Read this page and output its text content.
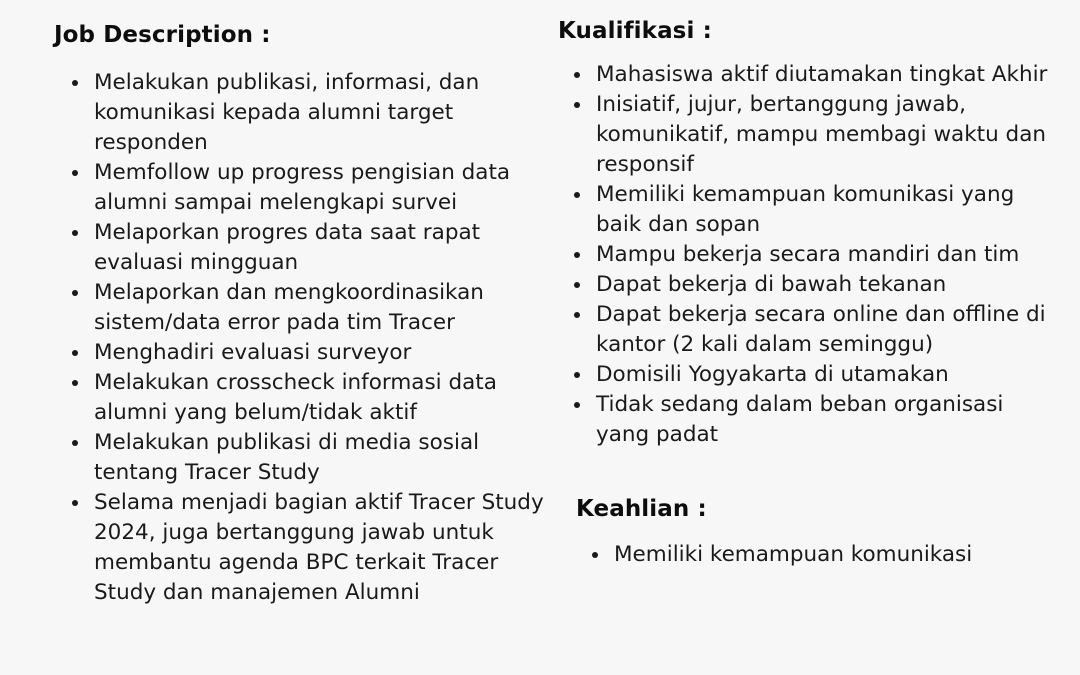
Job Description :
Melakukan publikasi, informasi, dan komunikasi kepada alumni target responden
Memfollow up progress pengisian data alumni sampai melengkapi survei
Melaporkan progres data saat rapat evaluasi mingguan
Melaporkan dan mengkoordinasikan sistem/data error pada tim Tracer
Menghadiri evaluasi surveyor
Melakukan crosscheck informasi data alumni yang belum/tidak aktif
Melakukan publikasi di media sosial tentang Tracer Study
Selama menjadi bagian aktif Tracer Study 2024, juga bertanggung jawab untuk membantu agenda BPC terkait Tracer Study dan manajemen Alumni
Kualifikasi :
Mahasiswa aktif diutamakan tingkat Akhir
Inisiatif, jujur, bertanggung jawab, komunikatif, mampu membagi waktu dan responsif
Memiliki kemampuan komunikasi yang baik dan sopan
Mampu bekerja secara mandiri dan tim
Dapat bekerja di bawah tekanan
Dapat bekerja secara online dan offline di kantor (2 kali dalam seminggu)
Domisili Yogyakarta di utamakan
Tidak sedang dalam beban organisasi yang padat
Keahlian :
Memiliki kemampuan komunikasi
